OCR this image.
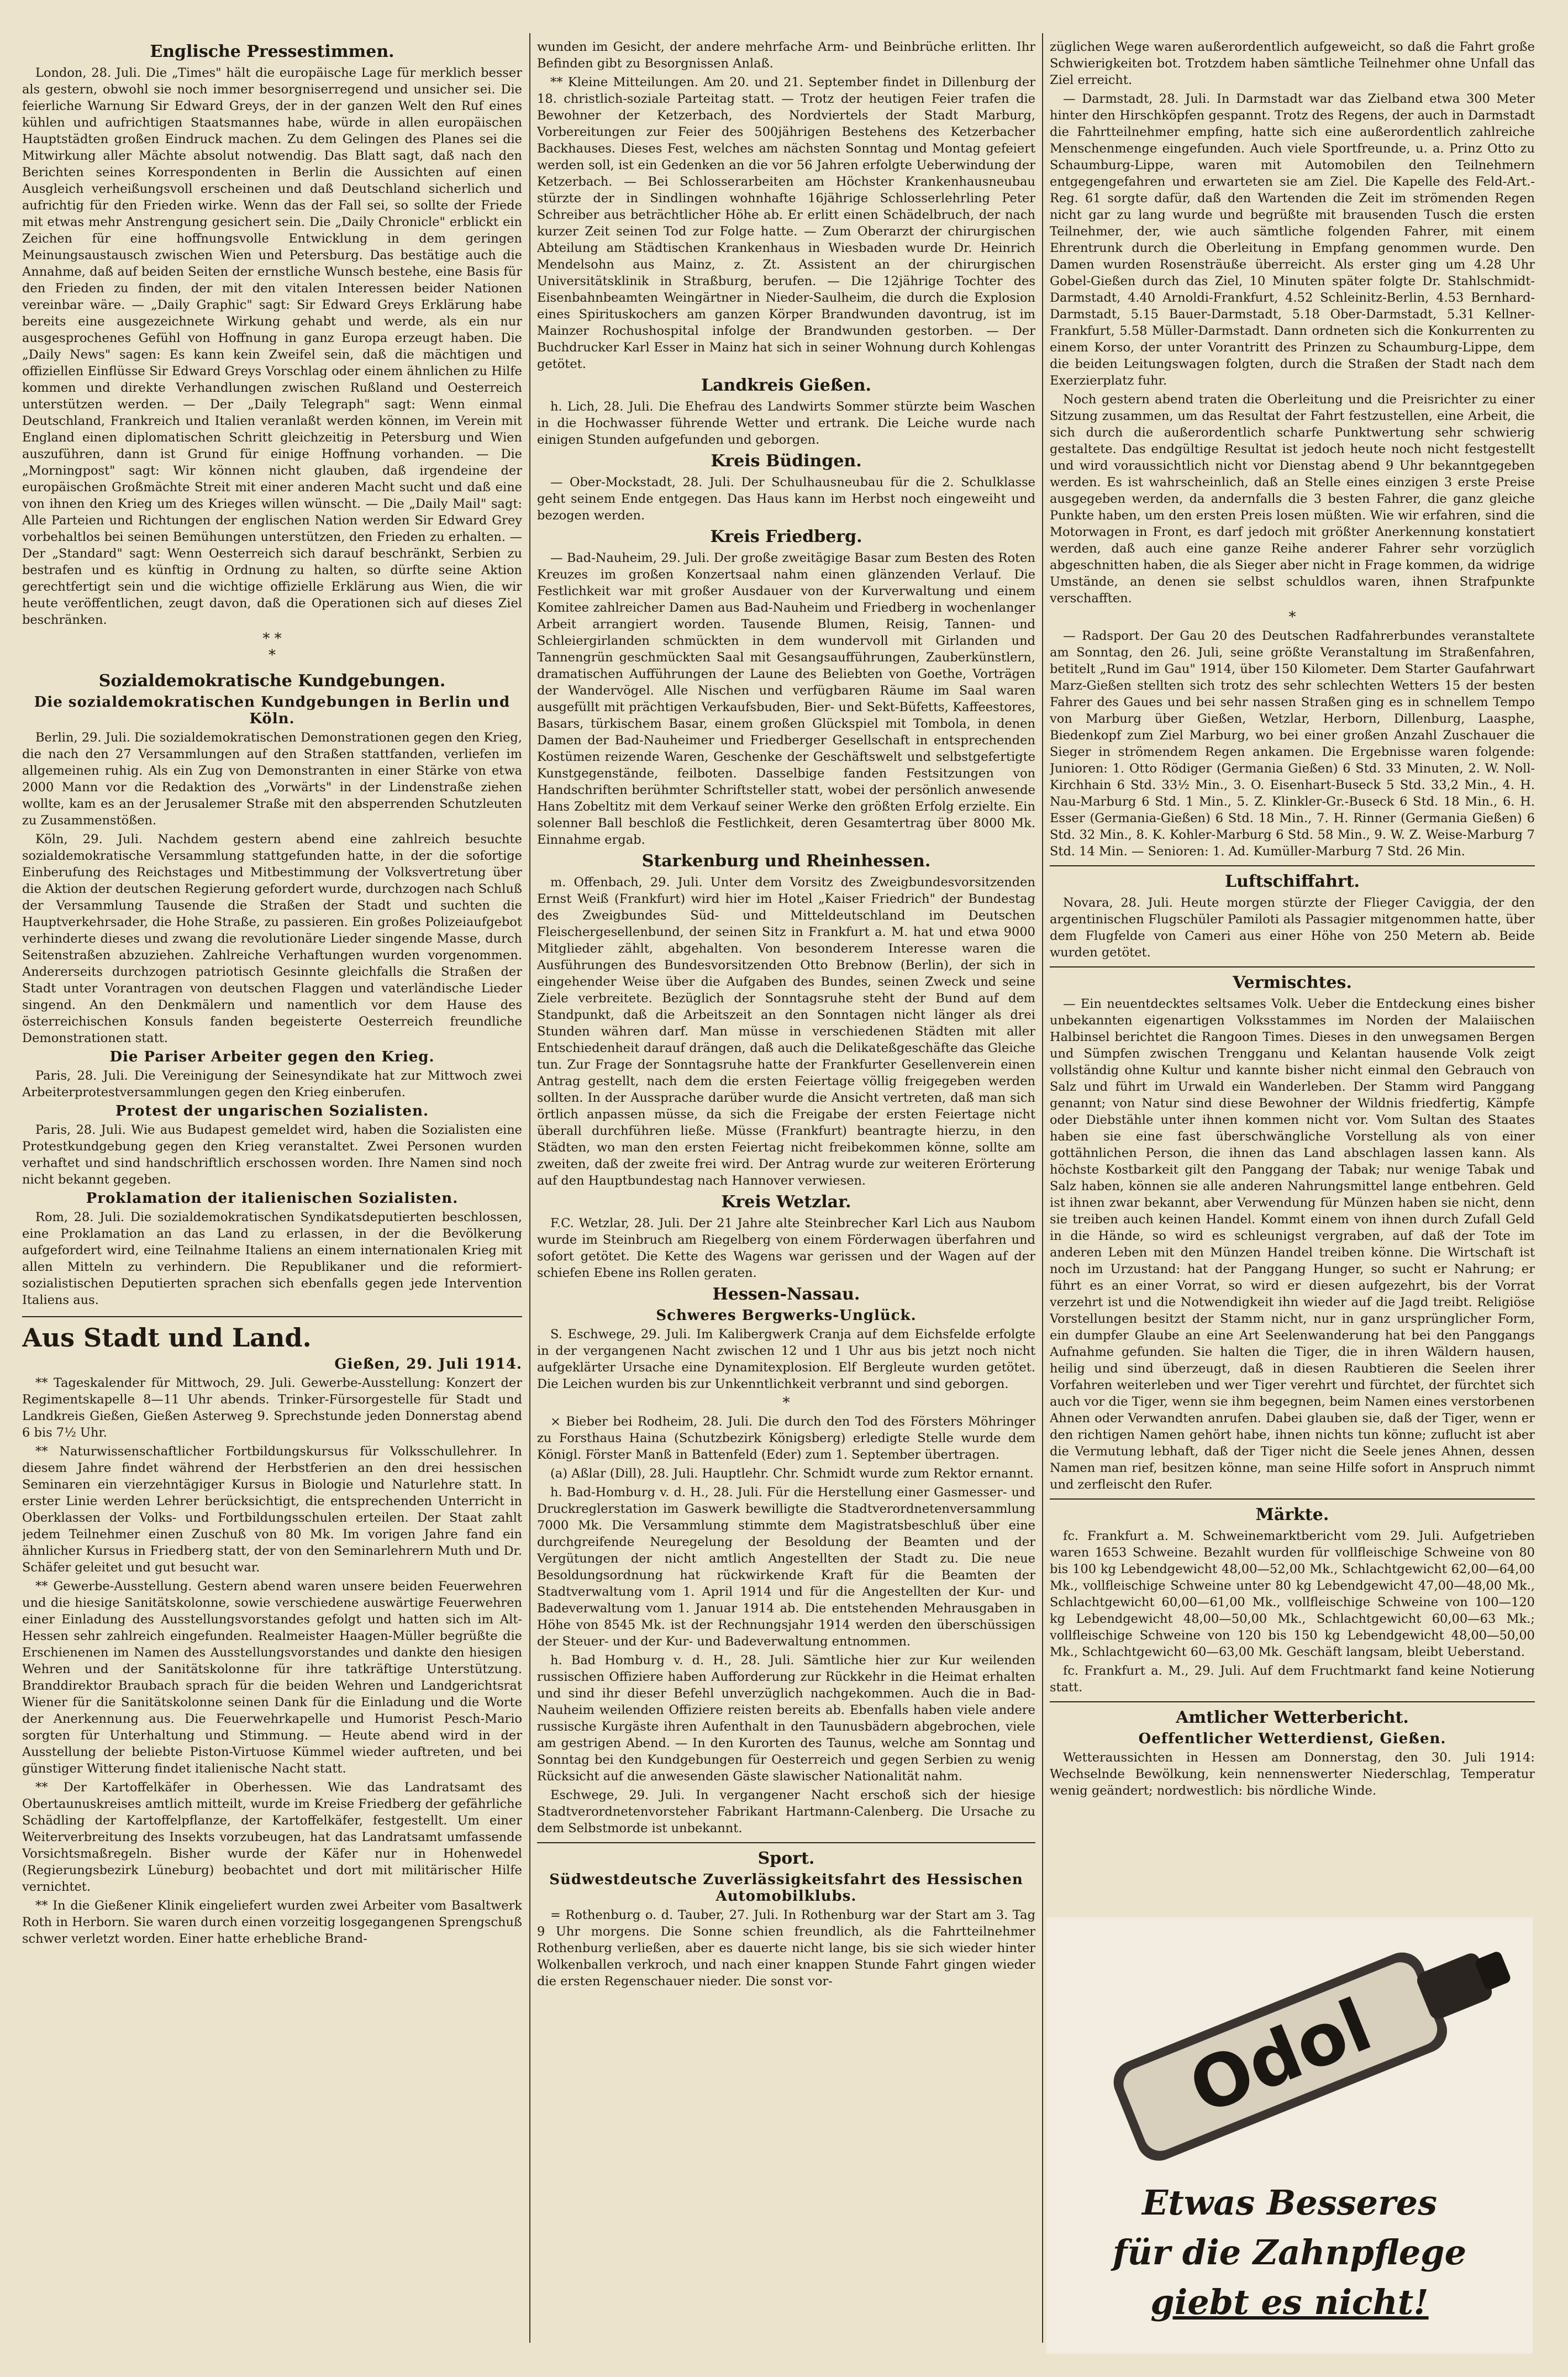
Englische Pressestimmen.
London, 28. Juli. Die „Times" hält die europäische Lage für merklich besser als gestern, obwohl sie noch immer besorgniserregend und unsicher sei. Die feierliche Warnung Sir Edward Greys, der in der ganzen Welt den Ruf eines kühlen und aufrichtigen Staatsmannes habe, würde in allen europäischen Hauptstädten großen Eindruck machen. Zu dem Gelingen des Planes sei die Mitwirkung aller Mächte absolut notwendig. Das Blatt sagt, daß nach den Berichten seines Korrespondenten in Berlin die Aussichten auf einen Ausgleich verheißungsvoll erscheinen und daß Deutschland sicherlich und aufrichtig für den Frieden wirke. Wenn das der Fall sei, so sollte der Friede mit etwas mehr Anstrengung gesichert sein. Die „Daily Chronicle" erblickt ein Zeichen für eine hoffnungsvolle Entwicklung in dem geringen Meinungsaustausch zwischen Wien und Petersburg. Das bestätige auch die Annahme, daß auf beiden Seiten der ernstliche Wunsch bestehe, eine Basis für den Frieden zu finden, der mit den vitalen Interessen beider Nationen vereinbar wäre. — „Daily Graphic" sagt: Sir Edward Greys Erklärung habe bereits eine ausgezeichnete Wirkung gehabt und werde, als ein nur ausgesprochenes Gefühl von Hoffnung in ganz Europa erzeugt haben. Die „Daily News" sagen: Es kann kein Zweifel sein, daß die mächtigen und offiziellen Einflüsse Sir Edward Greys Vorschlag oder einem ähnlichen zu Hilfe kommen und direkte Verhandlungen zwischen Rußland und Oesterreich unterstützen werden. — Der „Daily Telegraph" sagt: Wenn einmal Deutschland, Frankreich und Italien veranlaßt werden können, im Verein mit England einen diplomatischen Schritt gleichzeitig in Petersburg und Wien auszuführen, dann ist Grund für einige Hoffnung vorhanden. — Die „Morningpost" sagt: Wir können nicht glauben, daß irgendeine der europäischen Großmächte Streit mit einer anderen Macht sucht und daß eine von ihnen den Krieg um des Krieges willen wünscht. — Die „Daily Mail" sagt: Alle Parteien und Richtungen der englischen Nation werden Sir Edward Grey vorbehaltlos bei seinen Bemühungen unterstützen, den Frieden zu erhalten. — Der „Standard" sagt: Wenn Oesterreich sich darauf beschränkt, Serbien zu bestrafen und es künftig in Ordnung zu halten, so dürfte seine Aktion gerechtfertigt sein und die wichtige offizielle Erklärung aus Wien, die wir heute veröffentlichen, zeugt davon, daß die Operationen sich auf dieses Ziel beschränken.
* *
*
Sozialdemokratische Kundgebungen.
Die sozialdemokratischen Kundgebungen in Berlin und Köln.
Berlin, 29. Juli. Die sozialdemokratischen Demonstrationen gegen den Krieg, die nach den 27 Versammlungen auf den Straßen stattfanden, verliefen im allgemeinen ruhig. Als ein Zug von Demonstranten in einer Stärke von etwa 2000 Mann vor die Redaktion des „Vorwärts" in der Lindenstraße ziehen wollte, kam es an der Jerusalemer Straße mit den absperrenden Schutzleuten zu Zusammenstößen.
Köln, 29. Juli. Nachdem gestern abend eine zahlreich besuchte sozialdemokratische Versammlung stattgefunden hatte, in der die sofortige Einberufung des Reichstages und Mitbestimmung der Volksvertretung über die Aktion der deutschen Regierung gefordert wurde, durchzogen nach Schluß der Versammlung Tausende die Straßen der Stadt und suchten die Hauptverkehrsader, die Hohe Straße, zu passieren. Ein großes Polizeiaufgebot verhinderte dieses und zwang die revolutionäre Lieder singende Masse, durch Seitenstraßen abzuziehen. Zahlreiche Verhaftungen wurden vorgenommen. Andererseits durchzogen patriotisch Gesinnte gleichfalls die Straßen der Stadt unter Vorantragen von deutschen Flaggen und vaterländische Lieder singend. An den Denkmälern und namentlich vor dem Hause des österreichischen Konsuls fanden begeisterte Oesterreich freundliche Demonstrationen statt.
Die Pariser Arbeiter gegen den Krieg.
Paris, 28. Juli. Die Vereinigung der Seinesyndikate hat zur Mittwoch zwei Arbeiterprotestversammlungen gegen den Krieg einberufen.
Protest der ungarischen Sozialisten.
Paris, 28. Juli. Wie aus Budapest gemeldet wird, haben die Sozialisten eine Protestkundgebung gegen den Krieg veranstaltet. Zwei Personen wurden verhaftet und sind handschriftlich erschossen worden. Ihre Namen sind noch nicht bekannt gegeben.
Proklamation der italienischen Sozialisten.
Rom, 28. Juli. Die sozialdemokratischen Syndikatsdeputierten beschlossen, eine Proklamation an das Land zu erlassen, in der die Bevölkerung aufgefordert wird, eine Teilnahme Italiens an einem internationalen Krieg mit allen Mitteln zu verhindern. Die Republikaner und die reformiert-sozialistischen Deputierten sprachen sich ebenfalls gegen jede Intervention Italiens aus.
Aus Stadt und Land.
Gießen, 29. Juli 1914.
** Tageskalender für Mittwoch, 29. Juli. Gewerbe-Ausstellung: Konzert der Regimentskapelle 8—11 Uhr abends. Trinker-Fürsorgestelle für Stadt und Landkreis Gießen, Gießen Asterweg 9. Sprechstunde jeden Donnerstag abend 6 bis 7½ Uhr.
** Naturwissenschaftlicher Fortbildungskursus für Volksschullehrer. In diesem Jahre findet während der Herbstferien an den drei hessischen Seminaren ein vierzehntägiger Kursus in Biologie und Naturlehre statt. In erster Linie werden Lehrer berücksichtigt, die entsprechenden Unterricht in Oberklassen der Volks- und Fortbildungsschulen erteilen. Der Staat zahlt jedem Teilnehmer einen Zuschuß von 80 Mk. Im vorigen Jahre fand ein ähnlicher Kursus in Friedberg statt, der von den Seminarlehrern Muth und Dr. Schäfer geleitet und gut besucht war.
** Gewerbe-Ausstellung. Gestern abend waren unsere beiden Feuerwehren und die hiesige Sanitätskolonne, sowie verschiedene auswärtige Feuerwehren einer Einladung des Ausstellungsvorstandes gefolgt und hatten sich im Alt-Hessen sehr zahlreich eingefunden. Realmeister Haagen-Müller begrüßte die Erschienenen im Namen des Ausstellungsvorstandes und dankte den hiesigen Wehren und der Sanitätskolonne für ihre tatkräftige Unterstützung. Branddirektor Braubach sprach für die beiden Wehren und Landgerichtsrat Wiener für die Sanitätskolonne seinen Dank für die Einladung und die Worte der Anerkennung aus. Die Feuerwehrkapelle und Humorist Pesch-Mario sorgten für Unterhaltung und Stimmung. — Heute abend wird in der Ausstellung der beliebte Piston-Virtuose Kümmel wieder auftreten, und bei günstiger Witterung findet italienische Nacht statt.
** Der Kartoffelkäfer in Oberhessen. Wie das Landratsamt des Obertaunuskreises amtlich mitteilt, wurde im Kreise Friedberg der gefährliche Schädling der Kartoffelpflanze, der Kartoffelkäfer, festgestellt. Um einer Weiterverbreitung des Insekts vorzubeugen, hat das Landratsamt umfassende Vorsichtsmaßregeln. Bisher wurde der Käfer nur in Hohenwedel (Regierungsbezirk Lüneburg) beobachtet und dort mit militärischer Hilfe vernichtet.
** In die Gießener Klinik eingeliefert wurden zwei Arbeiter vom Basaltwerk Roth in Herborn. Sie waren durch einen vorzeitig losgegangenen Sprengschuß schwer verletzt worden. Einer hatte erhebliche Brand-
wunden im Gesicht, der andere mehrfache Arm- und Beinbrüche erlitten. Ihr Befinden gibt zu Besorgnissen Anlaß.
** Kleine Mitteilungen. Am 20. und 21. September findet in Dillenburg der 18. christlich-soziale Parteitag statt. — Trotz der heutigen Feier trafen die Bewohner der Ketzerbach, des Nordviertels der Stadt Marburg, Vorbereitungen zur Feier des 500jährigen Bestehens des Ketzerbacher Backhauses. Dieses Fest, welches am nächsten Sonntag und Montag gefeiert werden soll, ist ein Gedenken an die vor 56 Jahren erfolgte Ueberwindung der Ketzerbach. — Bei Schlosserarbeiten am Höchster Krankenhausneubau stürzte der in Sindlingen wohnhafte 16jährige Schlosserlehrling Peter Schreiber aus beträchtlicher Höhe ab. Er erlitt einen Schädelbruch, der nach kurzer Zeit seinen Tod zur Folge hatte. — Zum Oberarzt der chirurgischen Abteilung am Städtischen Krankenhaus in Wiesbaden wurde Dr. Heinrich Mendelsohn aus Mainz, z. Zt. Assistent an der chirurgischen Universitätsklinik in Straßburg, berufen. — Die 12jährige Tochter des Eisenbahnbeamten Weingärtner in Nieder-Saulheim, die durch die Explosion eines Spirituskochers am ganzen Körper Brandwunden davontrug, ist im Mainzer Rochushospital infolge der Brandwunden gestorben. — Der Buchdrucker Karl Esser in Mainz hat sich in seiner Wohnung durch Kohlengas getötet.
Landkreis Gießen.
h. Lich, 28. Juli. Die Ehefrau des Landwirts Sommer stürzte beim Waschen in die Hochwasser führende Wetter und ertrank. Die Leiche wurde nach einigen Stunden aufgefunden und geborgen.
Kreis Büdingen.
— Ober-Mockstadt, 28. Juli. Der Schulhausneubau für die 2. Schulklasse geht seinem Ende entgegen. Das Haus kann im Herbst noch eingeweiht und bezogen werden.
Kreis Friedberg.
— Bad-Nauheim, 29. Juli. Der große zweitägige Basar zum Besten des Roten Kreuzes im großen Konzertsaal nahm einen glänzenden Verlauf. Die Festlichkeit war mit großer Ausdauer von der Kurverwaltung und einem Komitee zahlreicher Damen aus Bad-Nauheim und Friedberg in wochenlanger Arbeit arrangiert worden. Tausende Blumen, Reisig, Tannen- und Schleiergirlanden schmückten in dem wundervoll mit Girlanden und Tannengrün geschmückten Saal mit Gesangsaufführungen, Zauberkünstlern, dramatischen Aufführungen der Laune des Beliebten von Goethe, Vorträgen der Wandervögel. Alle Nischen und verfügbaren Räume im Saal waren ausgefüllt mit prächtigen Verkaufsbuden, Bier- und Sekt-Büfetts, Kaffeestores, Basars, türkischem Basar, einem großen Glückspiel mit Tombola, in denen Damen der Bad-Nauheimer und Friedberger Gesellschaft in entsprechenden Kostümen reizende Waren, Geschenke der Geschäftswelt und selbstgefertigte Kunstgegenstände, feilboten. Dasselbige fanden Festsitzungen von Handschriften berühmter Schriftsteller statt, wobei der persönlich anwesende Hans Zobeltitz mit dem Verkauf seiner Werke den größten Erfolg erzielte. Ein solenner Ball beschloß die Festlichkeit, deren Gesamtertrag über 8000 Mk. Einnahme ergab.
Starkenburg und Rheinhessen.
m. Offenbach, 29. Juli. Unter dem Vorsitz des Zweigbundesvorsitzenden Ernst Weiß (Frankfurt) wird hier im Hotel „Kaiser Friedrich" der Bundestag des Zweigbundes Süd- und Mitteldeutschland im Deutschen Fleischergesellenbund, der seinen Sitz in Frankfurt a. M. hat und etwa 9000 Mitglieder zählt, abgehalten. Von besonderem Interesse waren die Ausführungen des Bundesvorsitzenden Otto Brebnow (Berlin), der sich in eingehender Weise über die Aufgaben des Bundes, seinen Zweck und seine Ziele verbreitete. Bezüglich der Sonntagsruhe steht der Bund auf dem Standpunkt, daß die Arbeitszeit an den Sonntagen nicht länger als drei Stunden währen darf. Man müsse in verschiedenen Städten mit aller Entschiedenheit darauf drängen, daß auch die Delikateßgeschäfte das Gleiche tun. Zur Frage der Sonntagsruhe hatte der Frankfurter Gesellenverein einen Antrag gestellt, nach dem die ersten Feiertage völlig freigegeben werden sollten. In der Aussprache darüber wurde die Ansicht vertreten, daß man sich örtlich anpassen müsse, da sich die Freigabe der ersten Feiertage nicht überall durchführen ließe. Müsse (Frankfurt) beantragte hierzu, in den Städten, wo man den ersten Feiertag nicht freibekommen könne, sollte am zweiten, daß der zweite frei wird. Der Antrag wurde zur weiteren Erörterung auf den Hauptbundestag nach Hannover verwiesen.
Kreis Wetzlar.
F.C. Wetzlar, 28. Juli. Der 21 Jahre alte Steinbrecher Karl Lich aus Naubom wurde im Steinbruch am Riegelberg von einem Förderwagen überfahren und sofort getötet. Die Kette des Wagens war gerissen und der Wagen auf der schiefen Ebene ins Rollen geraten.
Hessen-Nassau.
Schweres Bergwerks-Unglück.
S. Eschwege, 29. Juli. Im Kalibergwerk Cranja auf dem Eichsfelde erfolgte in der vergangenen Nacht zwischen 12 und 1 Uhr aus bis jetzt noch nicht aufgeklärter Ursache eine Dynamitexplosion. Elf Bergleute wurden getötet. Die Leichen wurden bis zur Unkenntlichkeit verbrannt und sind geborgen.
*
× Bieber bei Rodheim, 28. Juli. Die durch den Tod des Försters Möhringer zu Forsthaus Haina (Schutzbezirk Königsberg) erledigte Stelle wurde dem Königl. Förster Manß in Battenfeld (Eder) zum 1. September übertragen.
(a) Aßlar (Dill), 28. Juli. Hauptlehr. Chr. Schmidt wurde zum Rektor ernannt.
h. Bad-Homburg v. d. H., 28. Juli. Für die Herstellung einer Gasmesser- und Druckreglerstation im Gaswerk bewilligte die Stadtverordnetenversammlung 7000 Mk. Die Versammlung stimmte dem Magistratsbeschluß über eine durchgreifende Neuregelung der Besoldung der Beamten und der Vergütungen der nicht amtlich Angestellten der Stadt zu. Die neue Besoldungsordnung hat rückwirkende Kraft für die Beamten der Stadtverwaltung vom 1. April 1914 und für die Angestellten der Kur- und Badeverwaltung vom 1. Januar 1914 ab. Die entstehenden Mehrausgaben in Höhe von 8545 Mk. ist der Rechnungsjahr 1914 werden den überschüssigen der Steuer- und der Kur- und Badeverwaltung entnommen.
h. Bad Homburg v. d. H., 28. Juli. Sämtliche hier zur Kur weilenden russischen Offiziere haben Aufforderung zur Rückkehr in die Heimat erhalten und sind ihr dieser Befehl unverzüglich nachgekommen. Auch die in Bad-Nauheim weilenden Offiziere reisten bereits ab. Ebenfalls haben viele andere russische Kurgäste ihren Aufenthalt in den Taunusbädern abgebrochen, viele am gestrigen Abend. — In den Kurorten des Taunus, welche am Sonntag und Sonntag bei den Kundgebungen für Oesterreich und gegen Serbien zu wenig Rücksicht auf die anwesenden Gäste slawischer Nationalität nahm.
Eschwege, 29. Juli. In vergangener Nacht erschoß sich der hiesige Stadtverordnetenvorsteher Fabrikant Hartmann-Calenberg. Die Ursache zu dem Selbstmorde ist unbekannt.
Sport.
Südwestdeutsche Zuverlässigkeitsfahrt des Hessischen Automobilklubs.
= Rothenburg o. d. Tauber, 27. Juli. In Rothenburg war der Start am 3. Tag 9 Uhr morgens. Die Sonne schien freundlich, als die Fahrtteilnehmer Rothenburg verließen, aber es dauerte nicht lange, bis sie sich wieder hinter Wolkenballen verkroch, und nach einer knappen Stunde Fahrt gingen wieder die ersten Regenschauer nieder. Die sonst vor-
züglichen Wege waren außerordentlich aufgeweicht, so daß die Fahrt große Schwierigkeiten bot. Trotzdem haben sämtliche Teilnehmer ohne Unfall das Ziel erreicht.
— Darmstadt, 28. Juli. In Darmstadt war das Zielband etwa 300 Meter hinter den Hirschköpfen gespannt. Trotz des Regens, der auch in Darmstadt die Fahrtteilnehmer empfing, hatte sich eine außerordentlich zahlreiche Menschenmenge eingefunden. Auch viele Sportfreunde, u. a. Prinz Otto zu Schaumburg-Lippe, waren mit Automobilen den Teilnehmern entgegengefahren und erwarteten sie am Ziel. Die Kapelle des Feld-Art.-Reg. 61 sorgte dafür, daß den Wartenden die Zeit im strömenden Regen nicht gar zu lang wurde und begrüßte mit brausenden Tusch die ersten Teilnehmer, der, wie auch sämtliche folgenden Fahrer, mit einem Ehrentrunk durch die Oberleitung in Empfang genommen wurde. Den Damen wurden Rosensträuße überreicht. Als erster ging um 4.28 Uhr Gobel-Gießen durch das Ziel, 10 Minuten später folgte Dr. Stahlschmidt-Darmstadt, 4.40 Arnoldi-Frankfurt, 4.52 Schleinitz-Berlin, 4.53 Bernhard-Darmstadt, 5.15 Bauer-Darmstadt, 5.18 Ober-Darmstadt, 5.31 Kellner-Frankfurt, 5.58 Müller-Darmstadt. Dann ordneten sich die Konkurrenten zu einem Korso, der unter Vorantritt des Prinzen zu Schaumburg-Lippe, dem die beiden Leitungswagen folgten, durch die Straßen der Stadt nach dem Exerzierplatz fuhr.
Noch gestern abend traten die Oberleitung und die Preisrichter zu einer Sitzung zusammen, um das Resultat der Fahrt festzustellen, eine Arbeit, die sich durch die außerordentlich scharfe Punktwertung sehr schwierig gestaltete. Das endgültige Resultat ist jedoch heute noch nicht festgestellt und wird voraussichtlich nicht vor Dienstag abend 9 Uhr bekanntgegeben werden. Es ist wahrscheinlich, daß an Stelle eines einzigen 3 erste Preise ausgegeben werden, da andernfalls die 3 besten Fahrer, die ganz gleiche Punkte haben, um den ersten Preis losen müßten. Wie wir erfahren, sind die Motorwagen in Front, es darf jedoch mit größter Anerkennung konstatiert werden, daß auch eine ganze Reihe anderer Fahrer sehr vorzüglich abgeschnitten haben, die als Sieger aber nicht in Frage kommen, da widrige Umstände, an denen sie selbst schuldlos waren, ihnen Strafpunkte verschafften.
*
— Radsport. Der Gau 20 des Deutschen Radfahrerbundes veranstaltete am Sonntag, den 26. Juli, seine größte Veranstaltung im Straßenfahren, betitelt „Rund im Gau" 1914, über 150 Kilometer. Dem Starter Gaufahrwart Marz-Gießen stellten sich trotz des sehr schlechten Wetters 15 der besten Fahrer des Gaues und bei sehr nassen Straßen ging es in schnellem Tempo von Marburg über Gießen, Wetzlar, Herborn, Dillenburg, Laasphe, Biedenkopf zum Ziel Marburg, wo bei einer großen Anzahl Zuschauer die Sieger in strömendem Regen ankamen. Die Ergebnisse waren folgende: Junioren: 1. Otto Rödiger (Germania Gießen) 6 Std. 33 Minuten, 2. W. Noll-Kirchhain 6 Std. 33½ Min., 3. O. Eisenhart-Buseck 5 Std. 33,2 Min., 4. H. Nau-Marburg 6 Std. 1 Min., 5. Z. Klinkler-Gr.-Buseck 6 Std. 18 Min., 6. H. Esser (Germania-Gießen) 6 Std. 18 Min., 7. H. Rinner (Germania Gießen) 6 Std. 32 Min., 8. K. Kohler-Marburg 6 Std. 58 Min., 9. W. Z. Weise-Marburg 7 Std. 14 Min. — Senioren: 1. Ad. Kumüller-Marburg 7 Std. 26 Min.
Luftschiffahrt.
Novara, 28. Juli. Heute morgen stürzte der Flieger Caviggia, der den argentinischen Flugschüler Pamiloti als Passagier mitgenommen hatte, über dem Flugfelde von Cameri aus einer Höhe von 250 Metern ab. Beide wurden getötet.
Vermischtes.
— Ein neuentdecktes seltsames Volk. Ueber die Entdeckung eines bisher unbekannten eigenartigen Volksstammes im Norden der Malaiischen Halbinsel berichtet die Rangoon Times. Dieses in den unwegsamen Bergen und Sümpfen zwischen Trengganu und Kelantan hausende Volk zeigt vollständig ohne Kultur und kannte bisher nicht einmal den Gebrauch von Salz und führt im Urwald ein Wanderleben. Der Stamm wird Panggang genannt; von Natur sind diese Bewohner der Wildnis friedfertig, Kämpfe oder Diebstähle unter ihnen kommen nicht vor. Vom Sultan des Staates haben sie eine fast überschwängliche Vorstellung als von einer gottähnlichen Person, die ihnen das Land abschlagen lassen kann. Als höchste Kostbarkeit gilt den Panggang der Tabak; nur wenige Tabak und Salz haben, können sie alle anderen Nahrungsmittel lange entbehren. Geld ist ihnen zwar bekannt, aber Verwendung für Münzen haben sie nicht, denn sie treiben auch keinen Handel. Kommt einem von ihnen durch Zufall Geld in die Hände, so wird es schleunigst vergraben, auf daß der Tote im anderen Leben mit den Münzen Handel treiben könne. Die Wirtschaft ist noch im Urzustand: hat der Panggang Hunger, so sucht er Nahrung; er führt es an einer Vorrat, so wird er diesen aufgezehrt, bis der Vorrat verzehrt ist und die Notwendigkeit ihn wieder auf die Jagd treibt. Religiöse Vorstellungen besitzt der Stamm nicht, nur in ganz ursprünglicher Form, ein dumpfer Glaube an eine Art Seelenwanderung hat bei den Panggangs Aufnahme gefunden. Sie halten die Tiger, die in ihren Wäldern hausen, heilig und sind überzeugt, daß in diesen Raubtieren die Seelen ihrer Vorfahren weiterleben und wer Tiger verehrt und fürchtet, der fürchtet sich auch vor die Tiger, wenn sie ihm begegnen, beim Namen eines verstorbenen Ahnen oder Verwandten anrufen. Dabei glauben sie, daß der Tiger, wenn er den richtigen Namen gehört habe, ihnen nichts tun könne; zuflucht ist aber die Vermutung lebhaft, daß der Tiger nicht die Seele jenes Ahnen, dessen Namen man rief, besitzen könne, man seine Hilfe sofort in Anspruch nimmt und zerfleischt den Rufer.
Märkte.
fc. Frankfurt a. M. Schweinemarktbericht vom 29. Juli. Aufgetrieben waren 1653 Schweine. Bezahlt wurden für vollfleischige Schweine von 80 bis 100 kg Lebendgewicht 48,00—52,00 Mk., Schlachtgewicht 62,00—64,00 Mk., vollfleischige Schweine unter 80 kg Lebendgewicht 47,00—48,00 Mk., Schlachtgewicht 60,00—61,00 Mk., vollfleischige Schweine von 100—120 kg Lebendgewicht 48,00—50,00 Mk., Schlachtgewicht 60,00—63 Mk.; vollfleischige Schweine von 120 bis 150 kg Lebendgewicht 48,00—50,00 Mk., Schlachtgewicht 60—63,00 Mk. Geschäft langsam, bleibt Ueberstand.
fc. Frankfurt a. M., 29. Juli. Auf dem Fruchtmarkt fand keine Notierung statt.
Amtlicher Wetterbericht.
Oeffentlicher Wetterdienst, Gießen.
Wetteraussichten in Hessen am Donnerstag, den 30. Juli 1914: Wechselnde Bewölkung, kein nennenswerter Niederschlag, Temperatur wenig geändert; nordwestlich: bis nördliche Winde.
Odol
Etwas Besseres
für die Zahnpflege
giebt es nicht!
